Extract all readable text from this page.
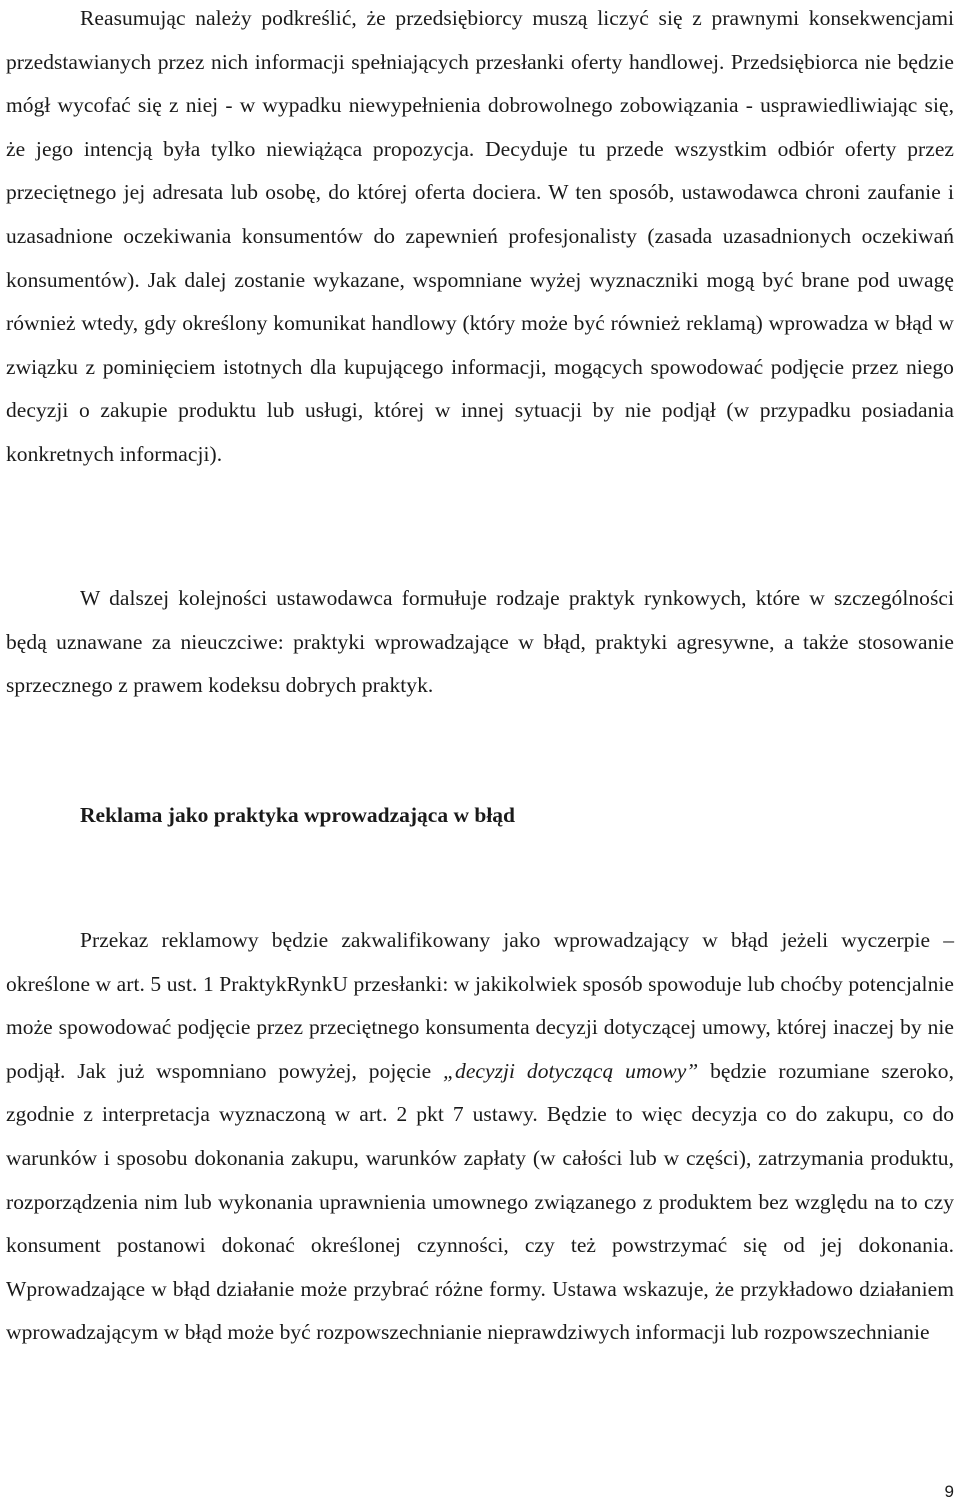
Reasumując należy podkreślić, że przedsiębiorcy muszą liczyć się z prawnymi konsekwencjami przedstawianych przez nich informacji spełniających przesłanki oferty handlowej. Przedsiębiorca nie będzie mógł wycofać się z niej - w wypadku niewypełnienia dobrowolnego zobowiązania - usprawiedliwiając się, że jego intencją była tylko niewiążąca propozycja. Decyduje tu przede wszystkim odbiór oferty przez przeciętnego jej adresata lub osobę, do której oferta dociera. W ten sposób, ustawodawca chroni zaufanie i uzasadnione oczekiwania konsumentów do zapewnień profesjonalisty (zasada uzasadnionych oczekiwań konsumentów). Jak dalej zostanie wykazane, wspomniane wyżej wyznaczniki mogą być brane pod uwagę również wtedy, gdy określony komunikat handlowy (który może być również reklamą) wprowadza w błąd w związku z pominięciem istotnych dla kupującego informacji, mogących spowodować podjęcie przez niego decyzji o zakupie produktu lub usługi, której w innej sytuacji by nie podjął (w przypadku posiadania konkretnych informacji).

W dalszej kolejności ustawodawca formułuje rodzaje praktyk rynkowych, które w szczególności będą uznawane za nieuczciwe: praktyki wprowadzające w błąd, praktyki agresywne, a także stosowanie sprzecznego z prawem kodeksu dobrych praktyk.

Reklama jako praktyka wprowadzająca w błąd

Przekaz reklamowy będzie zakwalifikowany jako wprowadzający w błąd jeżeli wyczerpie – określone w art. 5 ust. 1 PraktykRynkU przesłanki: w jakikolwiek sposób spowoduje lub choćby potencjalnie może spowodować podjęcie przez przeciętnego konsumenta decyzji dotyczącej umowy, której inaczej by nie podjął. Jak już wspomniano powyżej, pojęcie „decyzji dotyczącą umowy” będzie rozumiane szeroko, zgodnie z interpretacja wyznaczoną w art. 2 pkt 7 ustawy. Będzie to więc decyzja co do zakupu, co do warunków i sposobu dokonania zakupu, warunków zapłaty (w całości lub w części), zatrzymania produktu, rozporządzenia nim lub wykonania uprawnienia umownego związanego z produktem bez względu na to czy konsument postanowi dokonać określonej czynności, czy też powstrzymać się od jej dokonania. Wprowadzające w błąd działanie może przybrać różne formy. Ustawa wskazuje, że przykładowo działaniem wprowadzającym w błąd może być rozpowszechnianie nieprawdziwych informacji lub rozpowszechnianie

9
